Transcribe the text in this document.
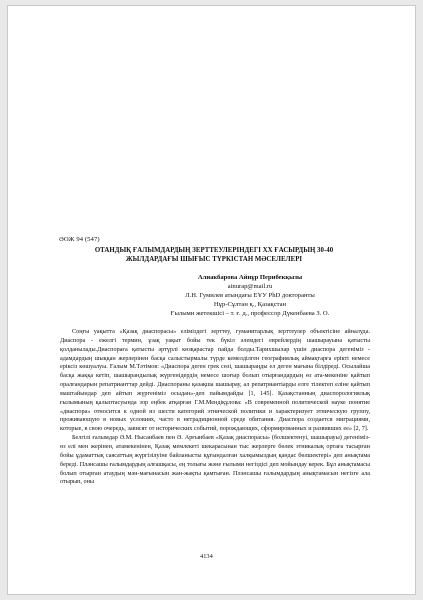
ӘОЖ 94 (547)
ОТАНДЫҚ ҒАЛЫМДАРДЫҢ ЗЕРТТЕУЛЕРІНДЕГІ XX ҒАСЫРДЫҢ 30-40
ЖЫЛДАРДАҒЫ ШЫҒЫС ТҮРКІСТАН МӘСЕЛЕЛЕРІ
Алиакбарова Айнұр Перибекқызы
ainurap@mail.ru
Л.Н. Гумилев атындағы ЕҰУ PhD докторанты
Нұр-Сұлтан қ., Қазақстан
Ғылыми жетекшісі – т. ғ. д., профессор Дүкенбаева З. О.

Соңғы уақытта «Қазақ диаспорасы» еліміздегі зерттеу, гуманитарлық зерттеулер объектісіне айналуда. Диаспора - ежелгі термин, ұзақ уақыт бойы тек бүкіл әлемдегі еврейлердің шашырауына қатысты қолданылады.Диаспораға қатысты әртүрлі көзқарастар пайда болды.Тарихшылар үшін диаспора дегеніміз - адамдардың шыққан жерлерінен басқа салыстырмалы түрде кемелділген географиялық аймақтарға ерікті немесе еріксіз көшуалуы. Ғалым М.Тәтімов: «Диаспора деген грек сөзі, шашыраңды ел деген мағына білдіреді. Осылайша басқа жаққа кетіп, шашырандылық жүргенідердің немесе шоғыр болып отырғандардың өз ата-мекеніне қайтып оралғандарын репатрианттар дейді. Диаспораны қазақша шашырау, ал репатриантіарды елге тілектеп еліне қайтып маштайындар деп айтып жүргеніміз осыдан»-деп пайымдайды [1, 145]. Қазақстанның диаспорологиялық ғылымының қалыптасуында зор еңбек атқарған Г.М.Мендіқұлова: «В современной политической науке понятие «диаспора» относится к одной из шести категорий этнической политики и характеризует этническую группу, проживающую в новых условиях, часто в нетрадиционной среде обитания. Диаспора создается миграциями, которые, в свою очередь, зависят от исторических событий, порождающих, сформированных и развивших ее» [2, 7].

Белгілі ғалымдар Ә.М. Нысанбаев пен Ә. Арғынбаев «Қазақ диаспорасы» (болшектенуі, шашырауы) дегеніміз-өз елі мен жерінен, атамекенінен, Қазақ мемлекеті шекарасынан тыс жерлерге бөлек этникалық ортаға тасырған бойы ұдаматтық саясаттың жүргізілуіне байланысты құғындалған халқымыздың қандас бөлшектері» деп анықтама береді. Пләнсашы ғалымдардың алғашқасы, ең толығы және ғылыми негіздісі деп мойындау керек. Бұл анықтамасы болып отырған атаудың мән-мағынасын жан-жақты қамтыған. Плэнсашы ғалымдардың анықтамасын негізге ала отырып, оны

4134
